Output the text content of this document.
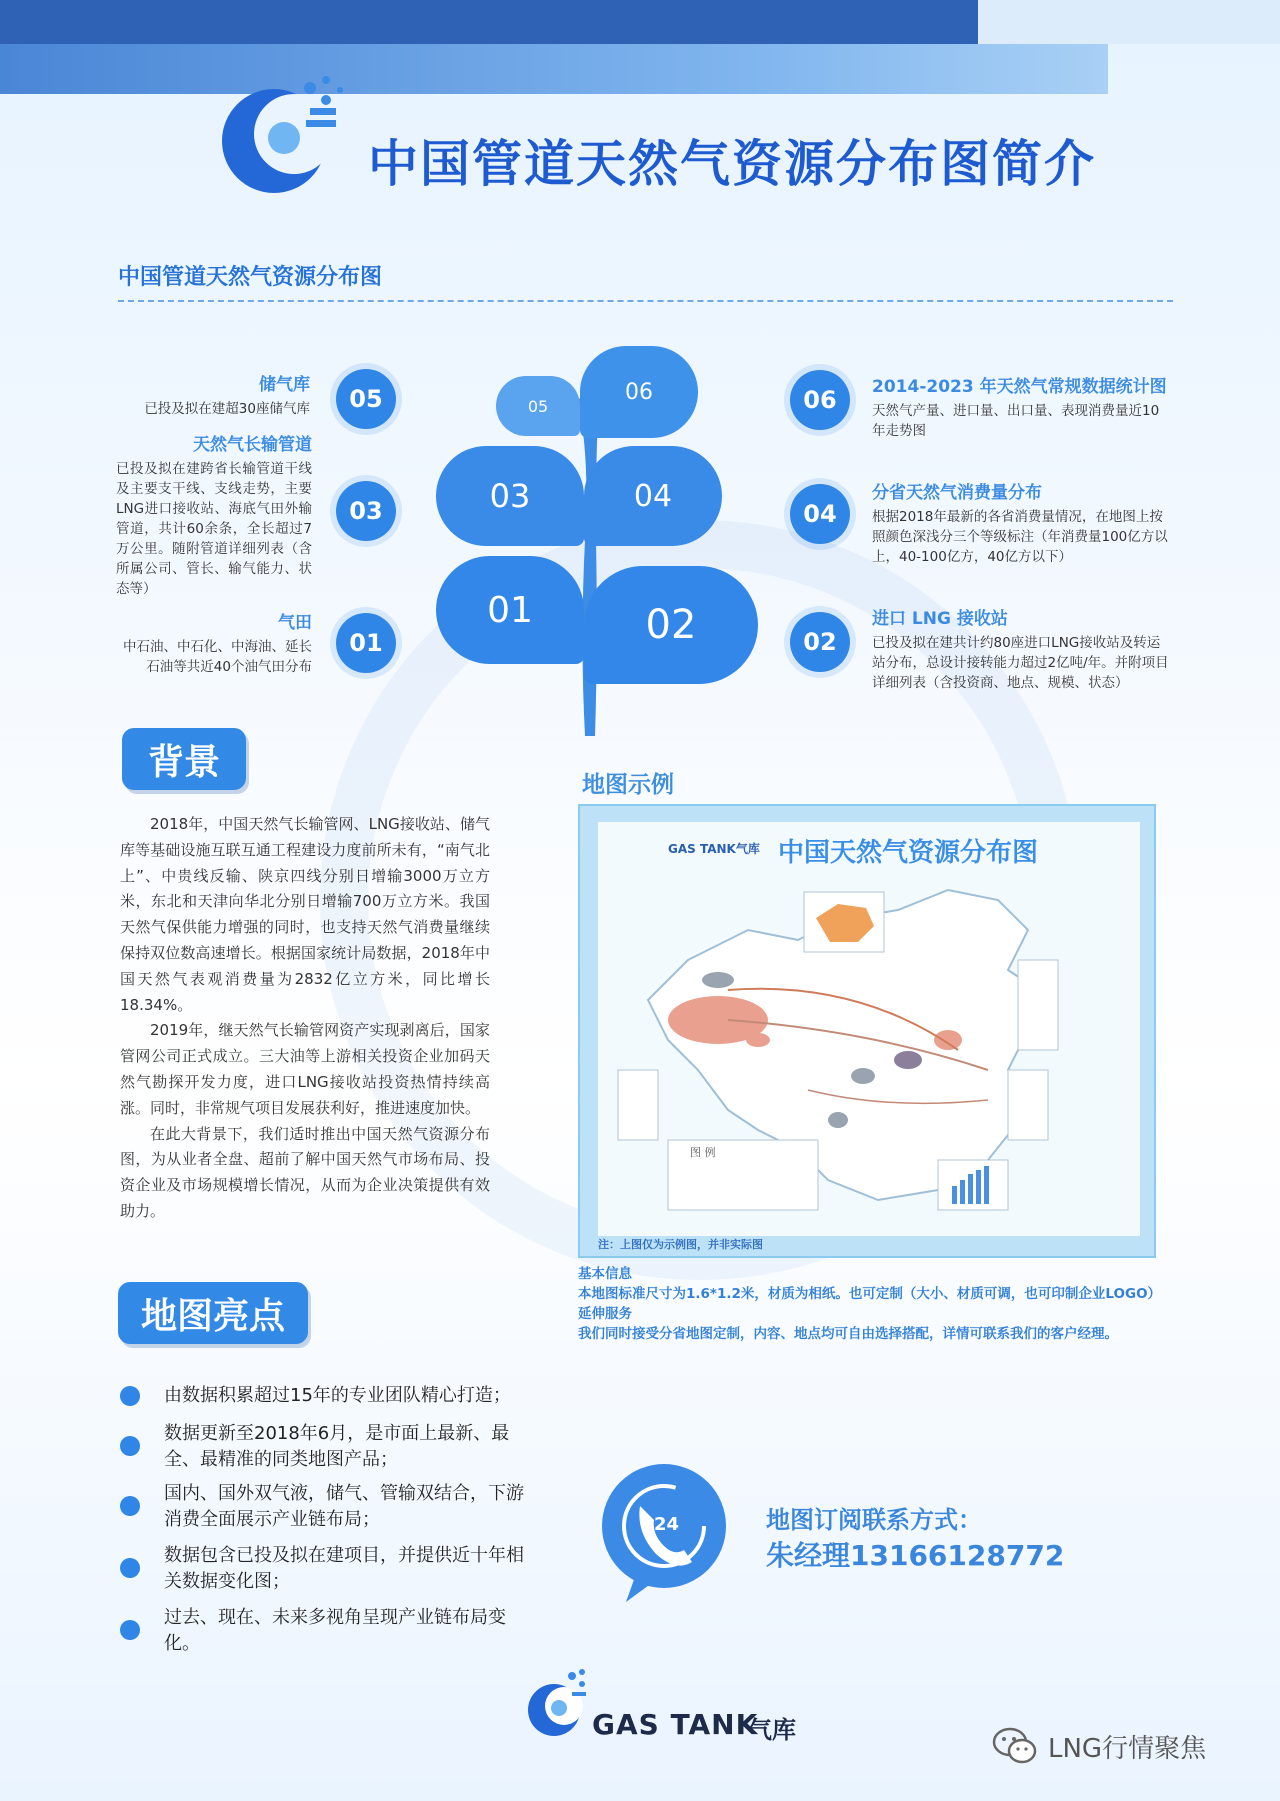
中国管道天然气资源分布图简介
中国管道天然气资源分布图
储气库
已投及拟在建超30座储气库	05
天然气长输管道
已投及拟在建跨省长输管道干线及主要支干线、支线走势，主要LNG进口接收站、海底气田外输管道，共计60余条，全长超过7万公里。随附管道详细列表（含所属公司、管长、输气能力、状态等）
03
气田
中石油、中石化、中海油、延长石油等共近40个油气田分布
01
06	2014-2023 年天然气常规数据统计图
天然气产量、进口量、出口量、表现消费量近10年走势图
04
分省天然气消费量分布
根据2018年最新的各省消费量情况，在地图上按照颜色深浅分三个等级标注（年消费量100亿方以上，40-100亿方，40亿方以下）
02
进口 LNG 接收站
已投及拟在建共计约80座进口LNG接收站及转运站分布，总设计接转能力超过2亿吨/年。并附项目详细列表（含投资商、地点、规模、状态）
05
06
03	04
01	02
背景

2018年，中国天然气长输管网、LNG接收站、储气库等基础设施互联互通工程建设力度前所未有，“南气北上”、中贵线反输、陕京四线分别日增输3000万立方米，东北和天津向华北分别日增输700万立方米。我国天然气保供能力增强的同时，也支持天然气消费量继续保持双位数高速增长。根据国家统计局数据，2018年中国天然气表观消费量为2832亿立方米，同比增长18.34%。

2019年，继天然气长输管网资产实现剥离后，国家管网公司正式成立。三大油等上游相关投资企业加码天然气勘探开发力度，进口LNG接收站投资热情持续高涨。同时，非常规气项目发展获利好，推进速度加快。

在此大背景下，我们适时推出中国天然气资源分布图，为从业者全盘、超前了解中国天然气市场布局、投资企业及市场规模增长情况，从而为企业决策提供有效助力。

地图示例
GAS TANK气库 中国天然气资源分布图
图 例
注：上图仅为示例图，并非实际图
基本信息
本地图标准尺寸为1.6*1.2米，材质为相纸。也可定制（大小、材质可调，也可印制企业LOGO）
延伸服务
我们同时接受分省地图定制，内容、地点均可自由选择搭配，详情可联系我们的客户经理。
地图亮点
由数据积累超过15年的专业团队精心打造；
数据更新至2018年6月，是市面上最新、最全、最精准的同类地图产品；
国内、国外双气液，储气、管输双结合，下游消费全面展示产业链布局；
数据包含已投及拟在建项目，并提供近十年相关数据变化图；
过去、现在、未来多视角呈现产业链布局变化。
24	地图订阅联系方式：
朱经理13166128772
GAS TANK
气库
LNG行情聚焦
